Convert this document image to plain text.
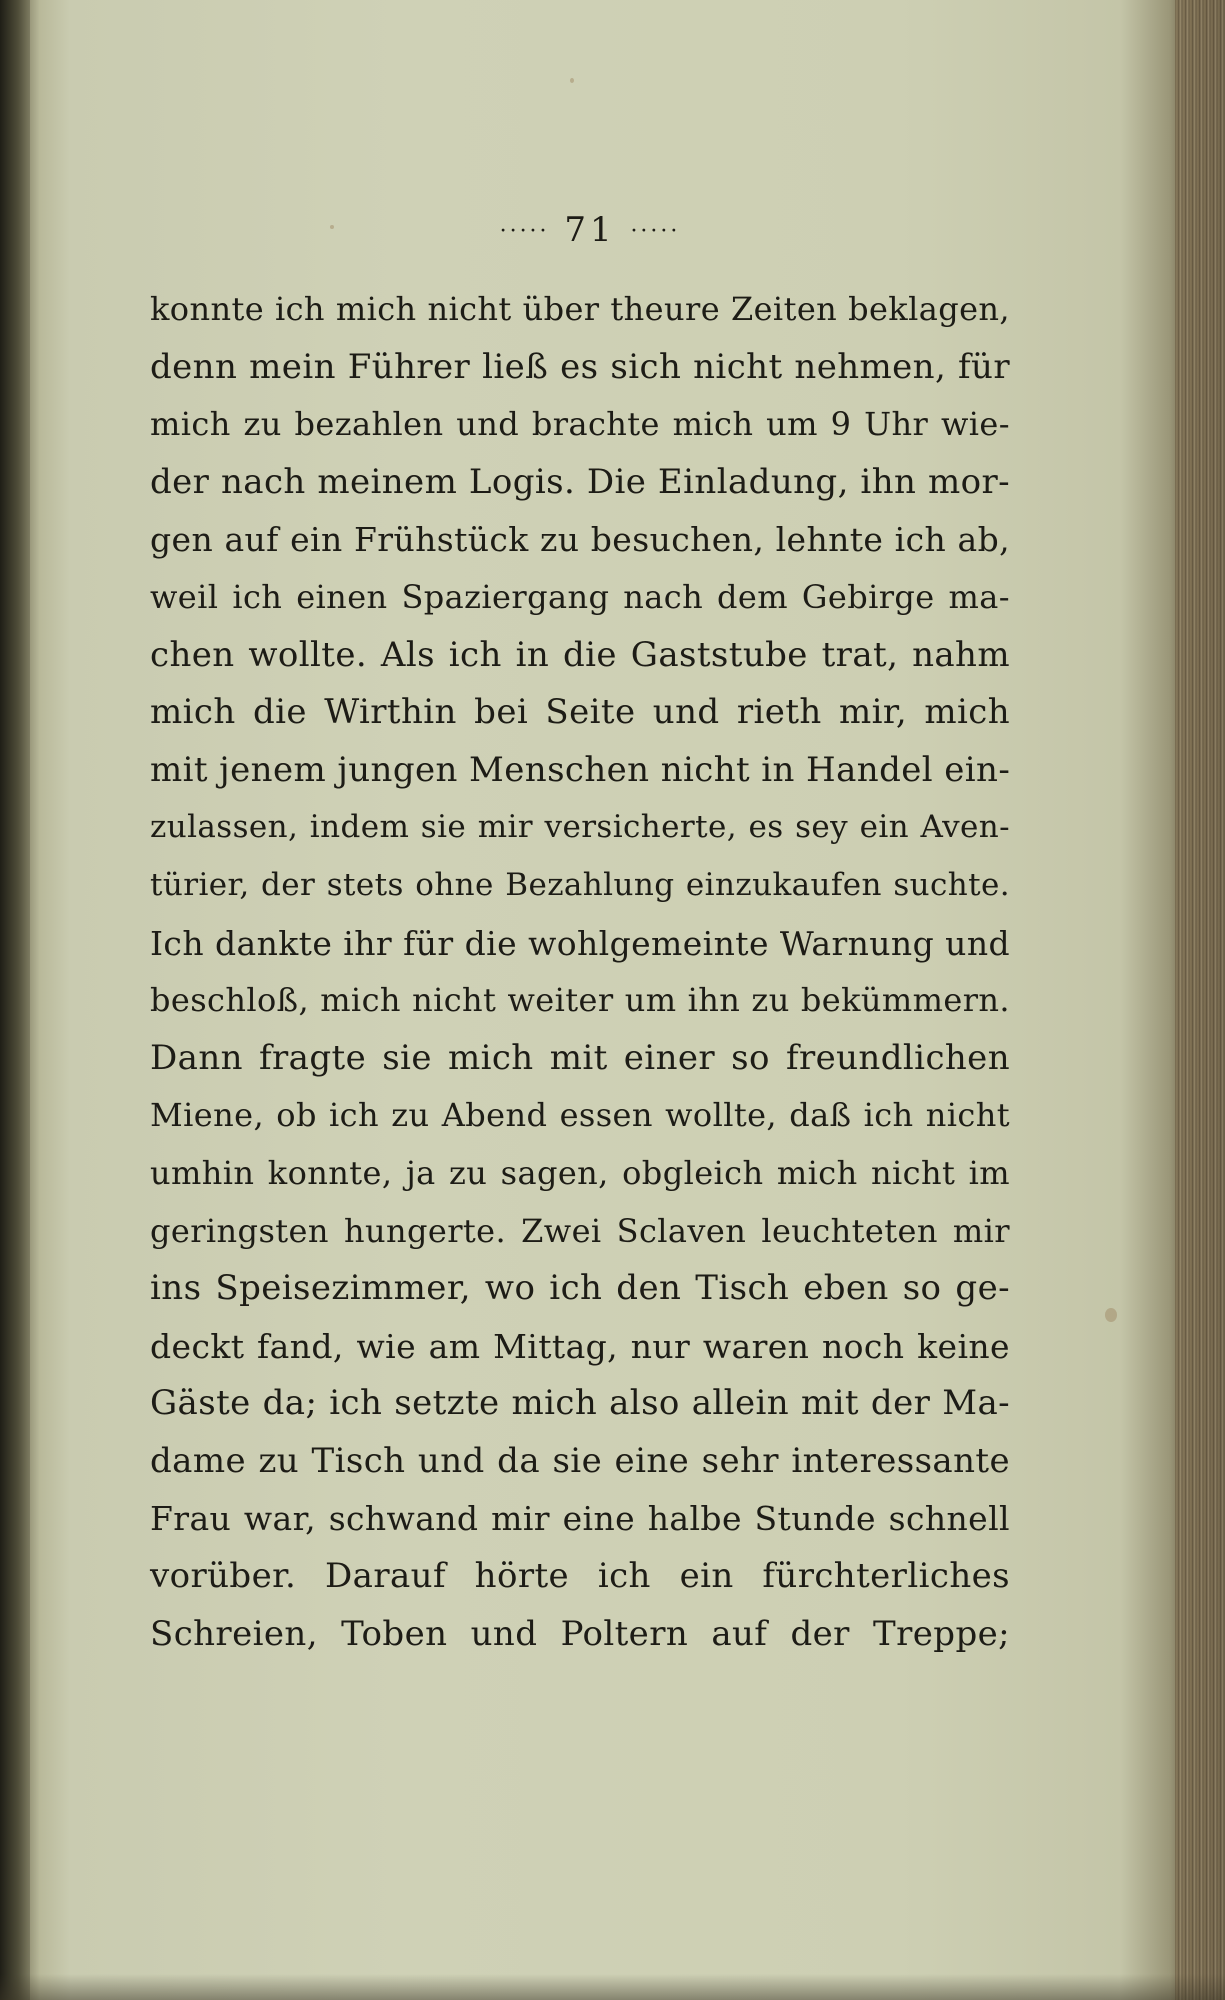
····· 71 ·····
konnte ich mich nicht über theure Zeiten beklagen,
denn mein Führer ließ es sich nicht nehmen, für
mich zu bezahlen und brachte mich um 9 Uhr wie-
der nach meinem Logis. Die Einladung, ihn mor-
gen auf ein Frühstück zu besuchen, lehnte ich ab,
weil ich einen Spaziergang nach dem Gebirge ma-
chen wollte. Als ich in die Gaststube trat, nahm
mich die Wirthin bei Seite und rieth mir, mich
mit jenem jungen Menschen nicht in Handel ein-
zulassen, indem sie mir versicherte, es sey ein Aven-
türier, der stets ohne Bezahlung einzukaufen suchte.
Ich dankte ihr für die wohlgemeinte Warnung und
beschloß, mich nicht weiter um ihn zu bekümmern.
Dann fragte sie mich mit einer so freundlichen
Miene, ob ich zu Abend essen wollte, daß ich nicht
umhin konnte, ja zu sagen, obgleich mich nicht im
geringsten hungerte. Zwei Sclaven leuchteten mir
ins Speisezimmer, wo ich den Tisch eben so ge-
deckt fand, wie am Mittag, nur waren noch keine
Gäste da; ich setzte mich also allein mit der Ma-
dame zu Tisch und da sie eine sehr interessante
Frau war, schwand mir eine halbe Stunde schnell
vorüber. Darauf hörte ich ein fürchterliches
Schreien, Toben und Poltern auf der Treppe;
